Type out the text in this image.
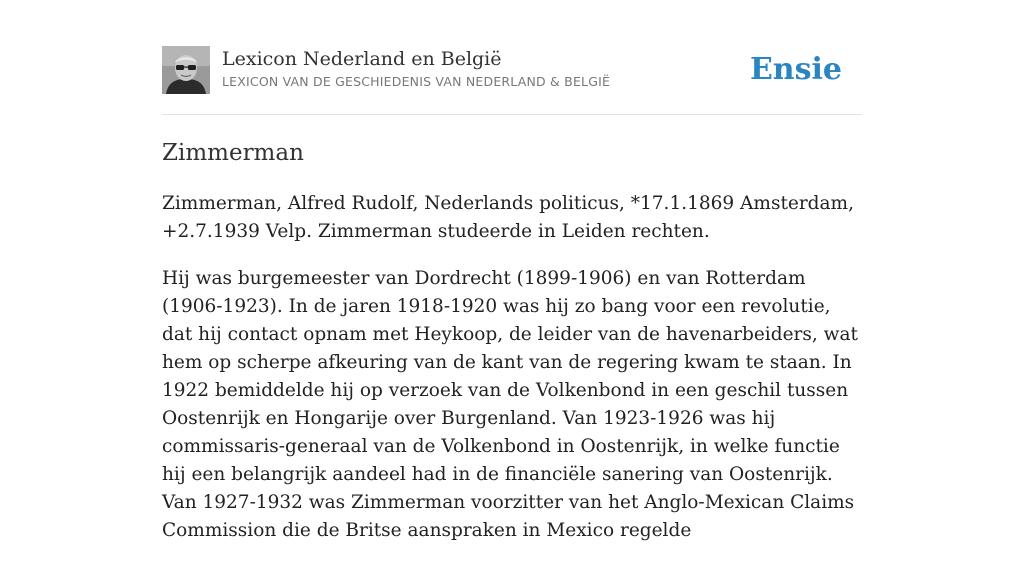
Lexicon Nederland en België
LEXICON VAN DE GESCHIEDENIS VAN NEDERLAND & BELGIË	Ensie
Zimmerman

Zimmerman, Alfred Rudolf, Nederlands politicus, *17.1.1869 Amsterdam, +2.7.1939 Velp. Zimmerman studeerde in Leiden rechten.

Hij was burgemeester van Dordrecht (1899-1906) en van Rotterdam (1906-1923). In de jaren 1918-1920 was hij zo bang voor een revolutie, dat hij contact opnam met Heykoop, de leider van de havenarbeiders, wat hem op scherpe afkeuring van de kant van de regering kwam te staan. In 1922 bemiddelde hij op verzoek van de Volkenbond in een geschil tussen Oostenrijk en Hongarije over Burgenland. Van 1923-1926 was hij commissaris-generaal van de Volkenbond in Oostenrijk, in welke functie hij een belangrijk aandeel had in de financiële sanering van Oostenrijk. Van 1927-1932 was Zimmerman voorzitter van het Anglo-Mexican Claims Commission die de Britse aanspraken in Mexico regelde
